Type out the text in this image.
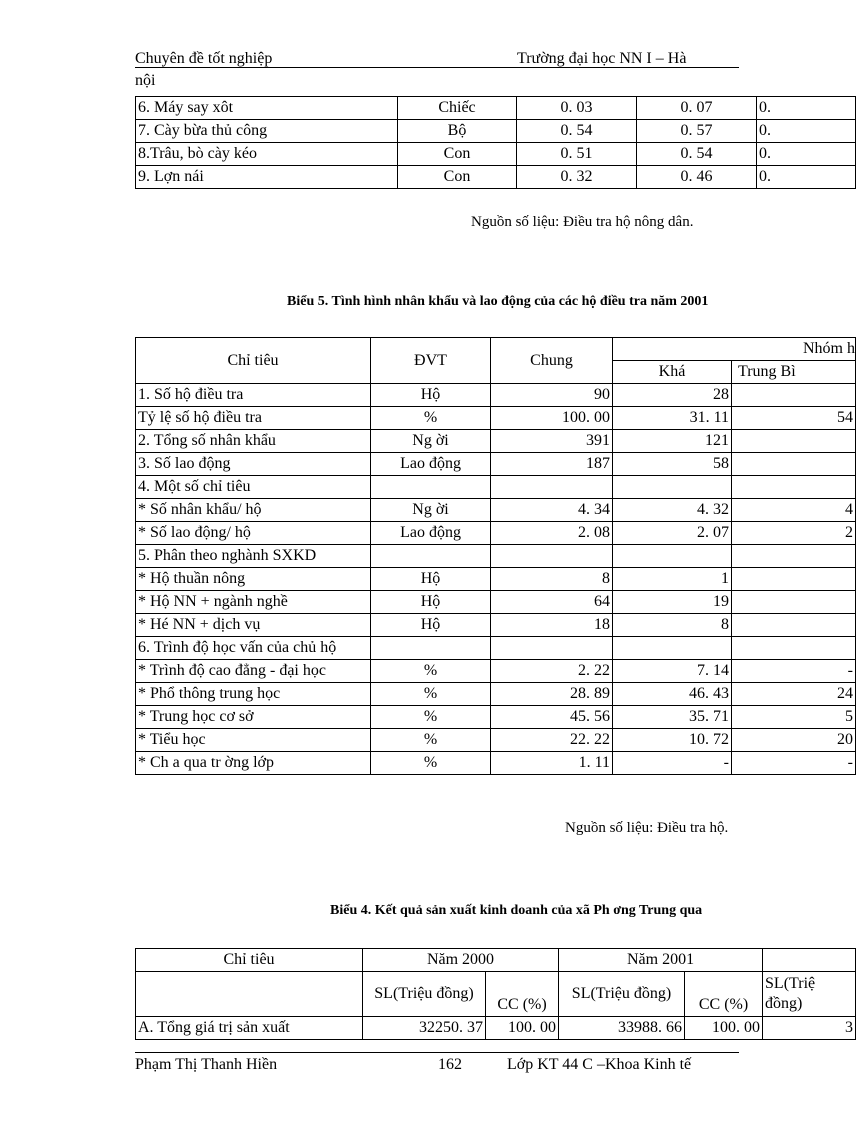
Chuyên đề tốt nghiệp	Trường đại học NN I – Hà
nội
6. Máy say xôt	Chiếc	0. 03	0. 07	0.
7. Cày bừa thủ công	Bộ	0. 54	0. 57	0.
8.Trâu, bò cày kéo	Con	0. 51	0. 54	0.
9. Lợn nái	Con	0. 32	0. 46	0.
Nguồn số liệu: Điều tra hộ nông dân.
Biểu 5. Tình hình nhân khẩu và lao động của các hộ điều tra năm 2001
Chỉ tiêu	ĐVT	Chung	Nhóm h	
			Khá	Trung Bì
1. Số hộ điều tra	Hộ	90	28	
Tỷ lệ số hộ điều tra	%	100. 00	31. 11	54
2. Tổng số nhân khẩu	Ng ời	391	121	
3. Số lao động	Lao động	187	58	
4. Một số chỉ tiêu				
* Số nhân khẩu/ hộ	Ng ời	4. 34	4. 32	4
* Số lao động/ hộ	Lao động	2. 08	2. 07	2
5. Phân theo nghành SXKD				
* Hộ thuần nông	Hộ	8	1	
* Hộ NN + ngành nghề	Hộ	64	19	
* Hé NN + dịch vụ	Hộ	18	8	
6. Trình độ học vấn của chủ hộ				
* Trình độ cao đẳng - đại học	%	2. 22	7. 14	-
* Phổ thông trung học	%	28. 89	46. 43	24
* Trung học cơ sở	%	45. 56	35. 71	5
* Tiểu học	%	22. 22	10. 72	20
* Ch a qua tr ờng lớp	%	1. 11	-	-
Nguồn số liệu: Điều tra hộ.
Biểu 4. Kết quả sản xuất kinh doanh của xã Ph ơng Trung qua
Chỉ tiêu	Năm 2000		Năm 2001		
	SL(Triệu đồng)	CC (%)	SL(Triệu đồng)	CC (%)	SL(Triệ đồng)
A. Tổng giá trị sản xuất	32250. 37	100. 00	33988. 66	100. 00	3
Phạm Thị Thanh Hiền	162	Lớp KT 44 C –Khoa Kinh tế
